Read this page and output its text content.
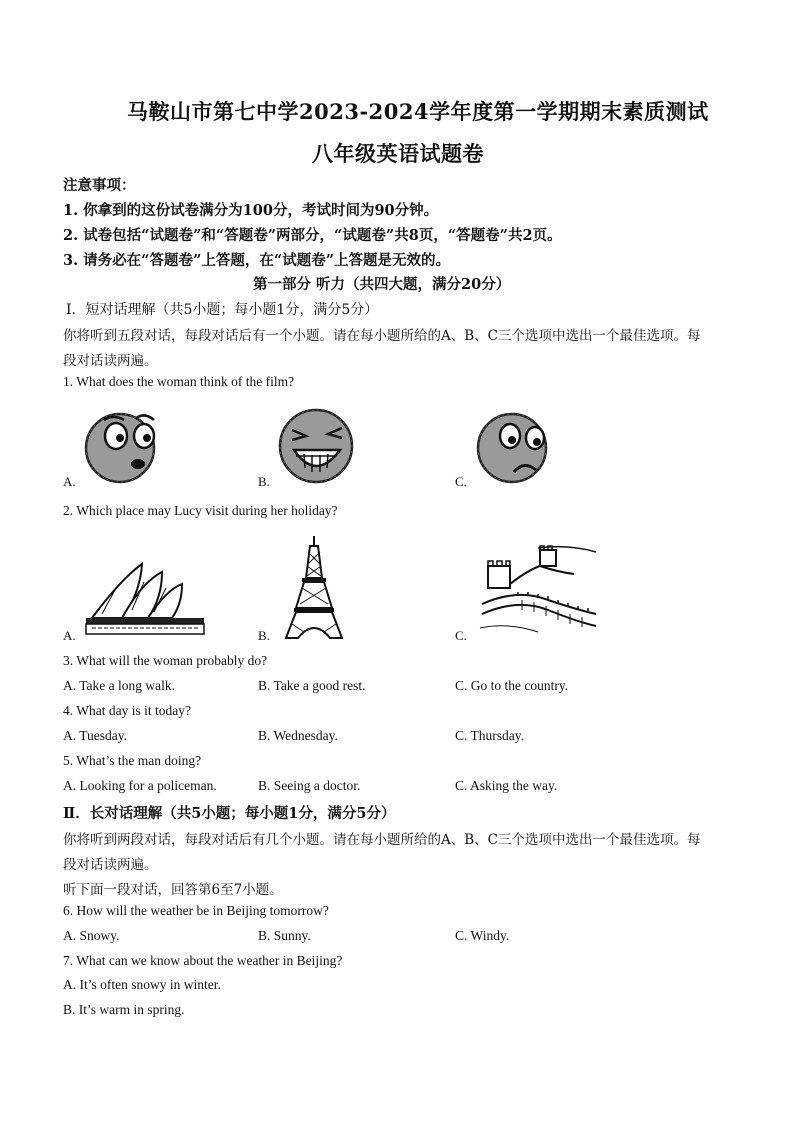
马鞍山市第七中学2023-2024学年度第一学期期末素质测试
八年级英语试题卷
注意事项：
1. 你拿到的这份试卷满分为100分，考试时间为90分钟。
2. 试卷包括“试题卷”和“答题卷”两部分，“试题卷”共8页，“答题卷”共2页。
3. 请务必在“答题卷”上答题，在“试题卷”上答题是无效的。
第一部分 听力（共四大题，满分20分）
Ⅰ．短对话理解（共5小题；每小题1分，满分5分）
你将听到五段对话，每段对话后有一个小题。请在每小题所给的A、B、C三个选项中选出一个最佳选项。每
段对话读两遍。
1. What does the woman think of the film?
A.	B.	C.
2. Which place may Lucy visit during her holiday?
A.	B.	C.
3. What will the woman probably do?
A. Take a long walk.	B. Take a good rest.	C. Go to the country.
4. What day is it today?
A. Tuesday.	B. Wednesday.	C. Thursday.
5. What’s the man doing?
A. Looking for a policeman.	B. Seeing a doctor.	C. Asking the way.
Ⅱ．长对话理解（共5小题；每小题1分，满分5分）
你将听到两段对话，每段对话后有几个小题。请在每小题所给的A、B、C三个选项中选出一个最佳选项。每
段对话读两遍。
听下面一段对话，回答第6至7小题。
6. How will the weather be in Beijing tomorrow?
A. Snowy.	B. Sunny.	C. Windy.
7. What can we know about the weather in Beijing?
A. It’s often snowy in winter.
B. It’s warm in spring.
